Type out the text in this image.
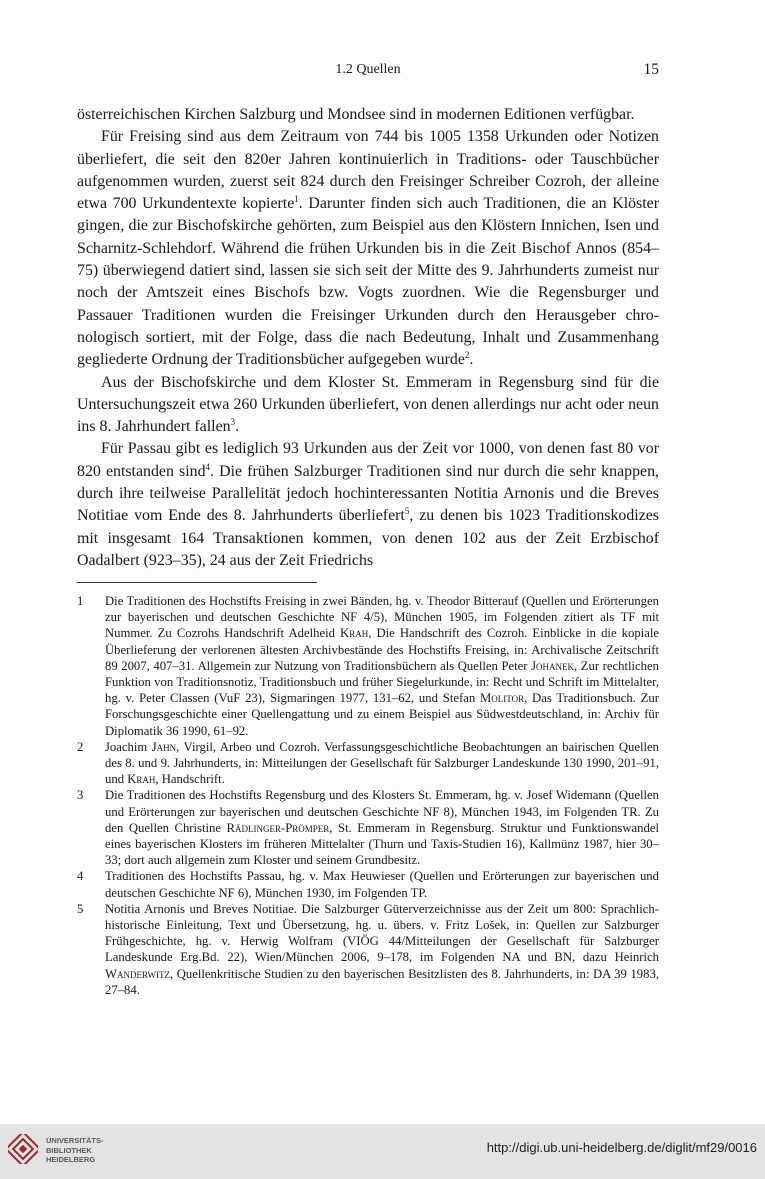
1.2 Quellen	15

österreichischen Kirchen Salzburg und Mondsee sind in modernen Editionen verfügbar.

Für Freising sind aus dem Zeitraum von 744 bis 1005 1358 Urkunden oder Notizen überliefert, die seit den 820er Jahren kontinuierlich in Traditions- oder Tauschbücher aufgenommen wurden, zuerst seit 824 durch den Freisinger Schreiber Cozroh, der alleine etwa 700 Urkundentexte kopierte$^1$. Darunter finden sich auch Traditionen, die an Klöster gingen, die zur Bischofskirche gehörten, zum Beispiel aus den Klöstern Innichen, Isen und Scharnitz-Schlehdorf. Während die frühen Urkunden bis in die Zeit Bischof Annos (854–75) überwiegend datiert sind, lassen sie sich seit der Mitte des 9. Jahrhunderts zumeist nur noch der Amtszeit eines Bischofs bzw. Vogts zuordnen. Wie die Regensburger und Passauer Traditionen wurden die Freisinger Urkunden durch den Herausgeber chronologisch sortiert, mit der Folge, dass die nach Bedeutung, Inhalt und Zusammenhang gegliederte Ordnung der Traditionsbücher aufgegeben wurde$^2$.

Aus der Bischofskirche und dem Kloster St. Emmeram in Regensburg sind für die Untersuchungszeit etwa 260 Urkunden überliefert, von denen allerdings nur acht oder neun ins 8. Jahrhundert fallen$^3$.

Für Passau gibt es lediglich 93 Urkunden aus der Zeit vor 1000, von denen fast 80 vor 820 entstanden sind$^4$. Die frühen Salzburger Traditionen sind nur durch die sehr knappen, durch ihre teilweise Parallelität jedoch hochinteressanten Notitia Arnonis und die Breves Notitiae vom Ende des 8. Jahrhunderts überliefert$^5$, zu denen bis 1023 Traditionskodizes mit insgesamt 164 Transaktionen kommen, von denen 102 aus der Zeit Erzbischof Oadalbert (923–35), 24 aus der Zeit Friedrichs

1	Die Traditionen des Hochstifts Freising in zwei Bänden, hg. v. Theodor Bitterauf (Quellen und Erörterungen zur bayerischen und deutschen Geschichte NF 4/5), München 1905, im Folgenden zitiert als TF mit Nummer. Zu Cozrohs Handschrift Adelheid Krah, Die Handschrift des Cozroh. Einblicke in die kopiale Überlieferung der verlorenen ältesten Archivbestände des Hochstifts Freising, in: Archivalische Zeitschrift 89 2007, 407–31. Allgemein zur Nutzung von Traditionsbüchern als Quellen Peter Johanek, Zur rechtlichen Funktion von Traditionsnotiz, Traditionsbuch und früher Siegelurkunde, in: Recht und Schrift im Mittelalter, hg. v. Peter Classen (VuF 23), Sigmaringen 1977, 131–62, und Stefan Molitor, Das Traditionsbuch. Zur Forschungsgeschichte einer Quellengattung und zu einem Beispiel aus Südwestdeutschland, in: Archiv für Diplomatik 36 1990, 61–92.
2	Joachim Jahn, Virgil, Arbeo und Cozroh. Verfassungsgeschichtliche Beobachtungen an bairischen Quellen des 8. und 9. Jahrhunderts, in: Mitteilungen der Gesellschaft für Salzburger Landeskunde 130 1990, 201–91, und Krah, Handschrift.
3	Die Traditionen des Hochstifts Regensburg und des Klosters St. Emmeram, hg. v. Josef Widemann (Quellen und Erörterungen zur bayerischen und deutschen Geschichte NF 8), München 1943, im Folgenden TR. Zu den Quellen Christine Rädlinger-Prömper, St. Emmeram in Regensburg. Struktur und Funktionswandel eines bayerischen Klosters im früheren Mittelalter (Thurn und Taxis-Studien 16), Kallmünz 1987, hier 30–33; dort auch allgemein zum Kloster und seinem Grundbesitz.
4	Traditionen des Hochstifts Passau, hg. v. Max Heuwieser (Quellen und Erörterungen zur bayerischen und deutschen Geschichte NF 6), München 1930, im Folgenden TP.
5	Notitia Arnonis und Breves Notitiae. Die Salzburger Güterverzeichnisse aus der Zeit um 800: Sprachlich-historische Einleitung, Text und Übersetzung, hg. u. übers. v. Fritz Lošek, in: Quellen zur Salzburger Frühgeschichte, hg. v. Herwig Wolfram (VIÖG 44/Mitteilungen der Gesellschaft für Salzburger Landeskunde Erg.Bd. 22), Wien/München 2006, 9–178, im Folgenden NA und BN, dazu Heinrich Wanderwitz, Quellenkritische Studien zu den bayerischen Besitzlisten des 8. Jahrhunderts, in: DA 39 1983, 27–84.
UNIVERSITÄTS-
BIBLIOTHEK
HEIDELBERG
http://digi.ub.uni-heidelberg.de/diglit/mf29/0016
